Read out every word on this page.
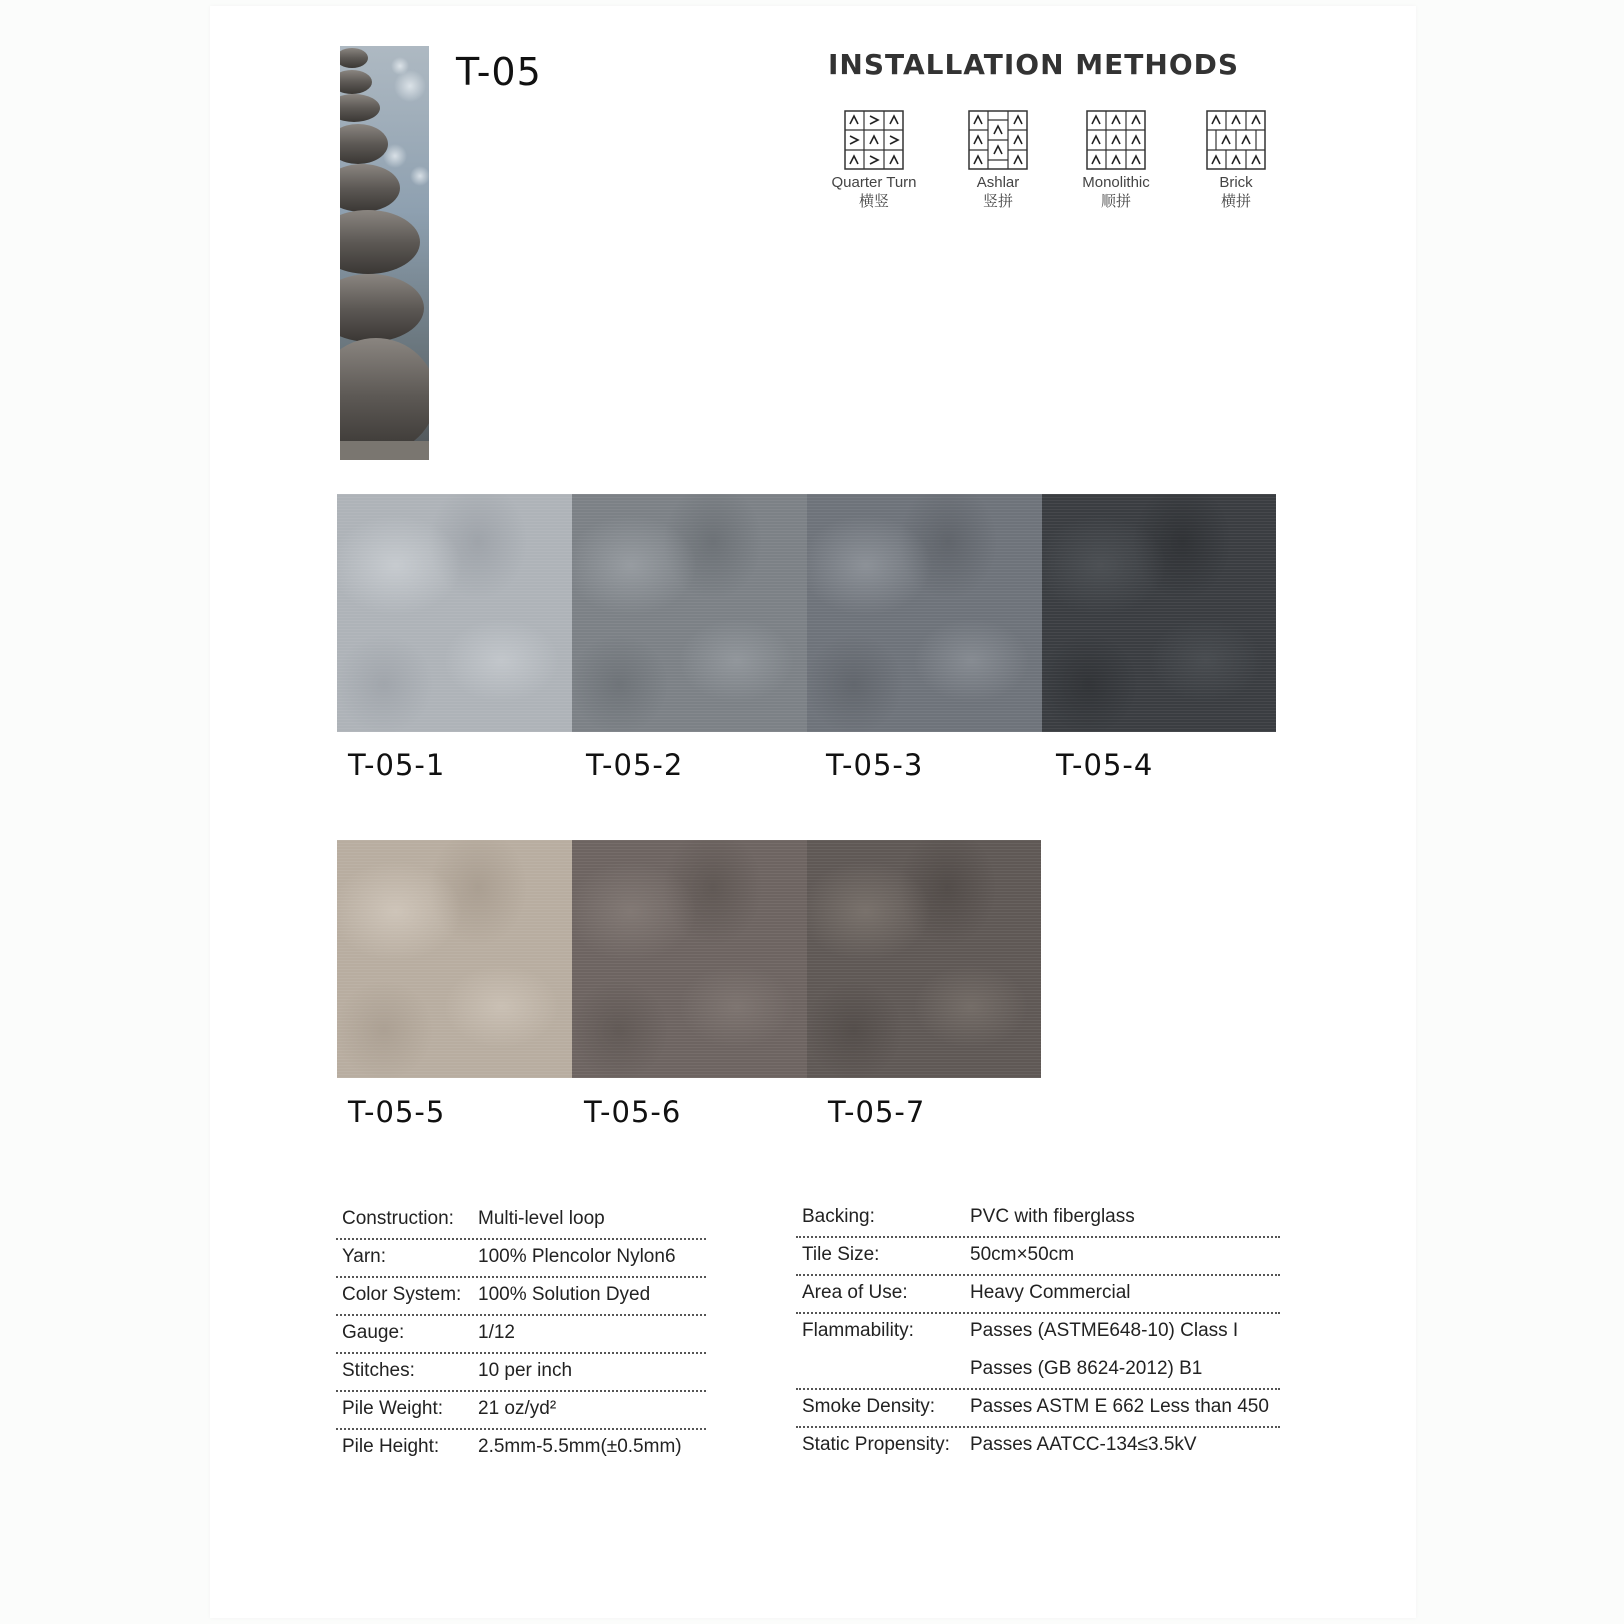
T-05	INSTALLATION METHODS
Quarter Turn
横竖
Ashlar
竖拼
Monolithic
顺拼
Brick
横拼
T-05-1	T-05-2	T-05-3	T-05-4
T-05-5	T-05-6	T-05-7
Construction: Multi-level loop
Yarn:	100% Plencolor Nylon6
Color System: 100% Solution Dyed
Gauge:	1/12
Stitches:	10 per inch
Pile Weight: 21 oz/yd²
Pile Height: 2.5mm-5.5mm(±0.5mm)
Backing:	PVC with fiberglass
Tile Size:	50cm×50cm
Area of Use:	Heavy Commercial
Flammability:	Passes (ASTME648-10) Class I
Passes (GB 8624-2012) B1
Smoke Density: Passes ASTM E 662 Less than 450
Static Propensity: Passes AATCC-134≤3.5kV
